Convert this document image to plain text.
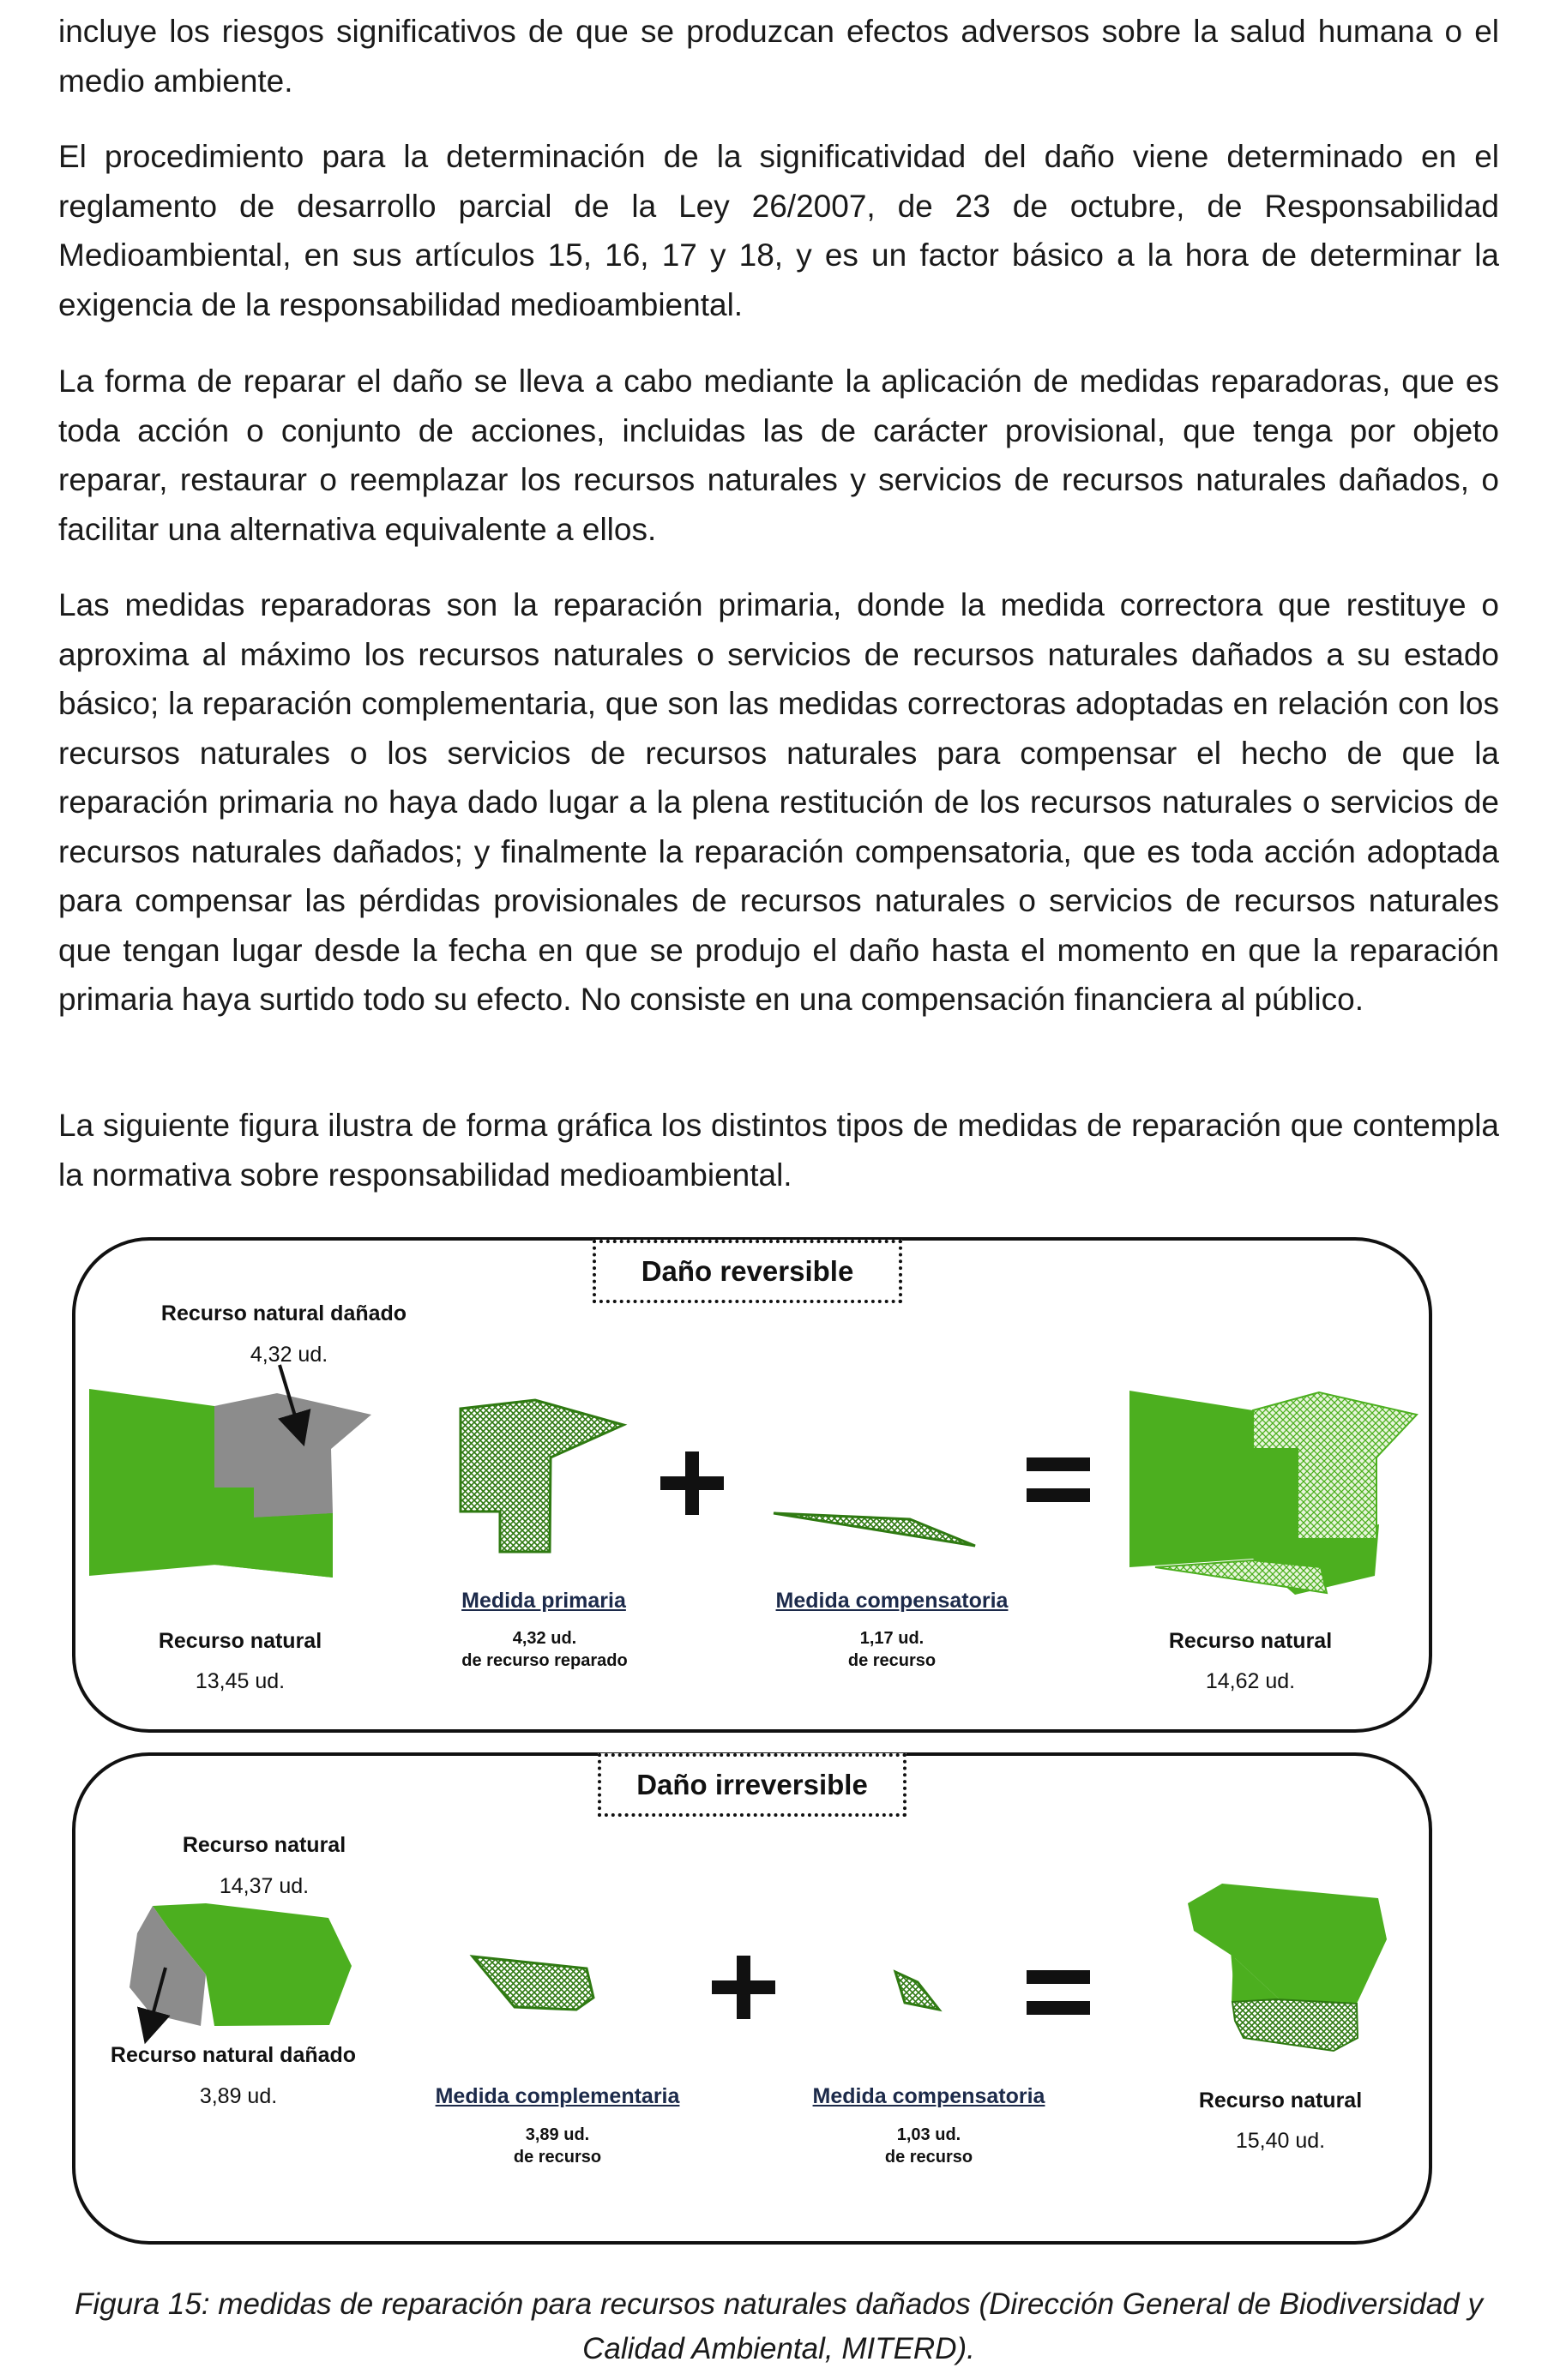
incluye los riesgos significativos de que se produzcan efectos adversos sobre la salud humana o el medio ambiente.

El procedimiento para la determinación de la significatividad del daño viene determinado en el reglamento de desarrollo parcial de la Ley 26/2007, de 23 de octubre, de Responsabilidad Medioambiental, en sus artículos 15, 16, 17 y 18, y es un factor básico a la hora de determinar la exigencia de la responsabilidad medioambiental.

La forma de reparar el daño se lleva a cabo mediante la aplicación de medidas reparadoras, que es toda acción o conjunto de acciones, incluidas las de carácter provisional, que tenga por objeto reparar, restaurar o reemplazar los recursos naturales y servicios de recursos naturales dañados, o facilitar una alternativa equivalente a ellos.

Las medidas reparadoras son la reparación primaria, donde la medida correctora que restituye o aproxima al máximo los recursos naturales o servicios de recursos naturales dañados a su estado básico; la reparación complementaria, que son las medidas correctoras adoptadas en relación con los recursos naturales o los servicios de recursos naturales para compensar el hecho de que la reparación primaria no haya dado lugar a la plena restitución de los recursos naturales o servicios de recursos naturales dañados; y finalmente la reparación compensatoria, que es toda acción adoptada para compensar las pérdidas provisionales de recursos naturales o servicios de recursos naturales que tengan lugar desde la fecha en que se produjo el daño hasta el momento en que la reparación primaria haya surtido todo su efecto. No consiste en una compensación financiera al público.

La siguiente figura ilustra de forma gráfica los distintos tipos de medidas de reparación que contempla la normativa sobre responsabilidad medioambiental.

Daño reversible
Daño irreversible
Recurso natural dañado
4,32 ud.
Recurso natural
13,45 ud.
Medida primaria
4,32 ud.
de recurso reparado
Medida compensatoria
1,17 ud.
de recurso
Recurso natural
14,62 ud.
Recurso natural
14,37 ud.
Recurso natural dañado
3,89 ud.	Medida complementaria
3,89 ud.
de recurso
Medida compensatoria
1,03 ud.
de recurso
Recurso natural
15,40 ud.
Figura 15: medidas de reparación para recursos naturales dañados (Dirección General de Biodiversidad y Calidad Ambiental, MITERD).
